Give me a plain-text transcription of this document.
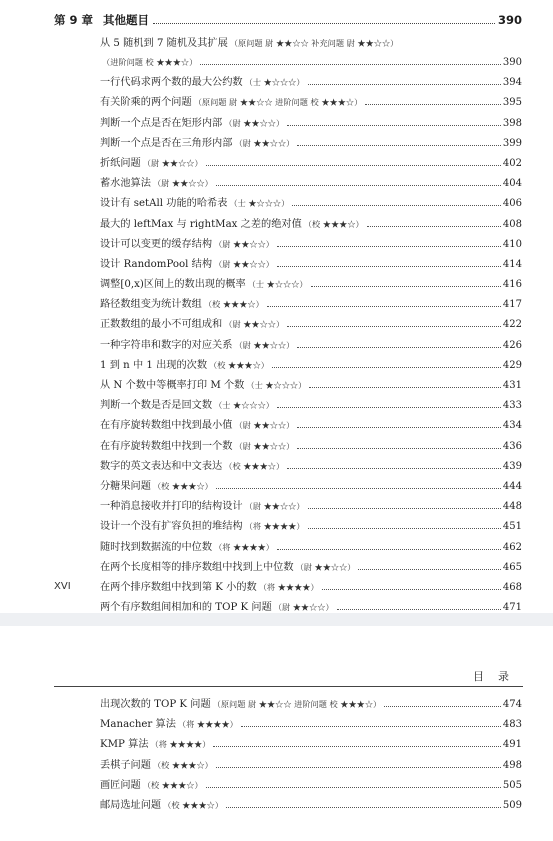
第 9 章 其他题目	390
从 5 随机到 7 随机及其扩展 （原问题 尉 ★★☆☆ 补充问题 尉 ★★☆☆）
（进阶问题 校 ★★★☆）	390
一行代码求两个数的最大公约数 （士 ★☆☆☆）	394
有关阶乘的两个问题 （原问题 尉 ★★☆☆ 进阶问题 校 ★★★☆）	395
判断一个点是否在矩形内部 （尉 ★★☆☆）	398
判断一个点是否在三角形内部 （尉 ★★☆☆）	399
折纸问题 （尉 ★★☆☆）	402
蓄水池算法 （尉 ★★☆☆）	404
设计有 setAll 功能的哈希表 （士 ★☆☆☆）	406
最大的 leftMax 与 rightMax 之差的绝对值 （校 ★★★☆）	408
设计可以变更的缓存结构 （尉 ★★☆☆）	410
设计 RandomPool 结构 （尉 ★★☆☆）	414
调整[0,x)区间上的数出现的概率 （士 ★☆☆☆）	416
路径数组变为统计数组 （校 ★★★☆）	417
正数数组的最小不可组成和 （尉 ★★☆☆）	422
一种字符串和数字的对应关系 （尉 ★★☆☆）	426
1 到 n 中 1 出现的次数 （校 ★★★☆）	429
从 N 个数中等概率打印 M 个数 （士 ★☆☆☆）	431
判断一个数是否是回文数 （士 ★☆☆☆）	433
在有序旋转数组中找到最小值 （尉 ★★☆☆）	434
在有序旋转数组中找到一个数 （尉 ★★☆☆）	436
数字的英文表达和中文表达 （校 ★★★☆）	439
分糖果问题 （校 ★★★☆）	444
一种消息接收并打印的结构设计 （尉 ★★☆☆）	448
设计一个没有扩容负担的堆结构 （将 ★★★★）	451
随时找到数据流的中位数 （将 ★★★★）	462
在两个长度相等的排序数组中找到上中位数 （尉 ★★☆☆）	465
在两个排序数组中找到第 K 小的数 （将 ★★★★）	468
两个有序数组间相加和的 TOP K 问题 （尉 ★★☆☆）	471
XVI
目录
出现次数的 TOP K 问题 （原问题 尉 ★★☆☆ 进阶问题 校 ★★★☆）	474
Manacher 算法 （将 ★★★★）	483
KMP 算法 （将 ★★★★）	491
丢棋子问题 （校 ★★★☆）	498
画匠问题 （校 ★★★☆）	505
邮局选址问题 （校 ★★★☆）	509
